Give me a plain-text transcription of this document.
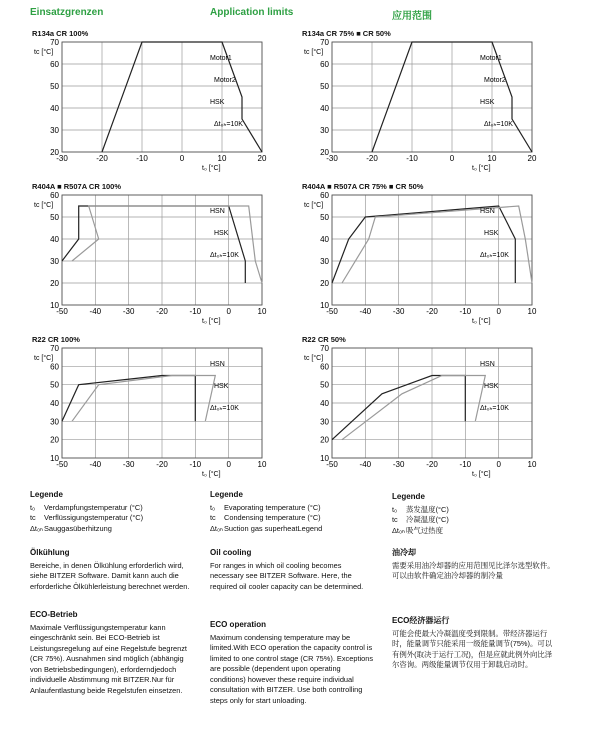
Einsatzgrenzen	Application limits	应用范围
R134a CR 100%
-30	-20	-10	0	10	20
20
30
40
50
60
70
t₀ [°C]
tc [°C]
Motor1
Motor2
HSK
Δt₀ₕ=10K
R134a CR 75% ■ CR 50%
-30	-20	-10	0	10	20
20
30
40
50
60
70
t₀ [°C]
tc [°C]
Motor1
Motor2
HSK
Δt₀ₕ=10K
R404A ■ R507A CR 100%
-50	-40	-30	-20	-10	0	10
10
20
30
40
50
60
t₀ [°C]
tc [°C]
HSN
HSK
Δt₀ₕ=10K
R404A ■ R507A CR 75% ■ CR 50%
-50	-40	-30	-20	-10	0	10
10
20
30
40
50
60
t₀ [°C]
tc [°C]
HSN
HSK
Δt₀ₕ=10K
R22 CR 100%
-50	-40	-30	-20	-10	0	10
10
20
30
40
50
60
70
t₀ [°C]
tc [°C]
HSN
HSK
Δt₀ₕ=10K
R22 CR 50%
-50	-40	-30	-20	-10	0	10
10
20
30
40
50
60
70
t₀ [°C]
tc [°C]
HSN
HSK
Δt₀ₕ=10K
Legende
t₀ Verdampfungstemperatur (°C)
tc Verflüssigungstemperatur (°C)
Δt₀ₕSauggasüberhitzung
Ölkühlung

Bereiche, in denen Ölkühlung erforderlich wird, siehe BITZER Software. Damit kann auch die erforderliche Ölkühlerleistung berechnet werden.

ECO-Betrieb

Maximale Verflüssigungstemperatur kann eingeschränkt sein. Bei ECO-Betrieb ist Leistungsregelung auf eine Regelstufe begrenzt (CR 75%). Ausnahmen sind möglich (abhängig von Betriebsbedingungen), erforderndjedoch individuelle Abstimmung mit BITZER.Nur für Anlaufentlastung beide Regelstufen einsetzen.

Legende
t₀ Evaporating temperature (°C)
tc Condensing temperature (°C)
Δt₀ₕSuction gas superheatLegend
Oil cooling

For ranges in which oil cooling becomes necessary see BITZER Software. Here, the required oil cooler capacity can be determined.

ECO operation

Maximum condensing temperature may be limited.With ECO operation the capacity control is limited to one control stage (CR 75%). Exceptions are possible (dependent upon operating conditions) however these require individual consultation with BITZER. Use both controlling steps only for start unloading.

Legende
t₀ 蒸发温度(°C)
tc 冷凝温度(°C)
Δt₀ₕ吸气过热度
油冷却

需要采用油冷却器的应用范围见比泽尔选型软件。可以由软件确定油冷却器的制冷量

ECO经济器运行

可能会使最大冷凝温度受到限制。带经济器运行时，能量调节只能采用一级能量调节(75%)。可以有例外(取决于运行工况)，但是应就此例外向比泽尔咨询。两级能量调节仅用于卸载启动时。
